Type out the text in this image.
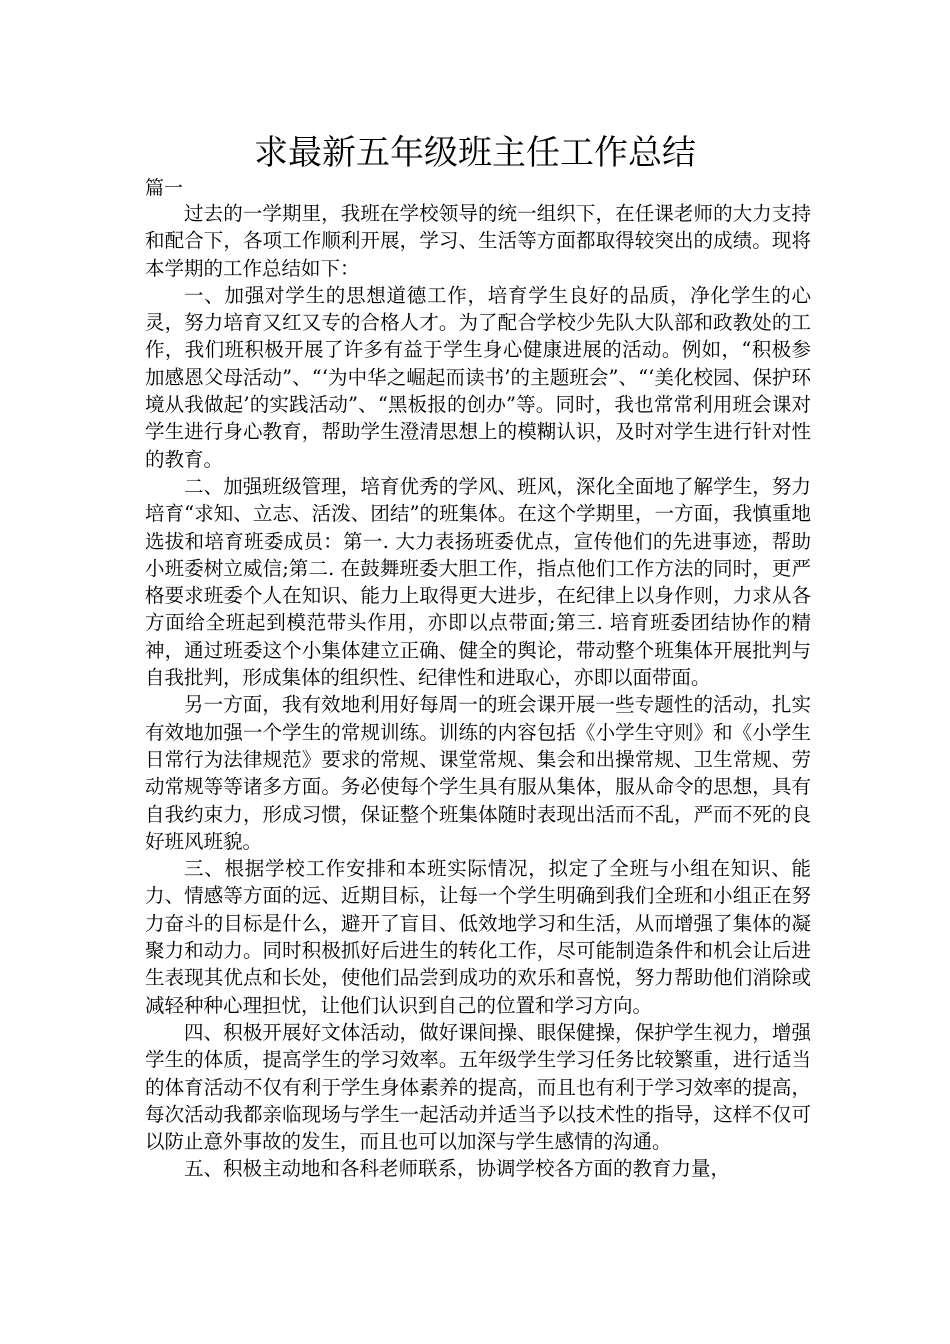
求最新五年级班主任工作总结
篇一

过去的一学期里，我班在学校领导的统一组织下，在任课老师的大力支持和配合下，各项工作顺利开展，学习、生活等方面都取得较突出的成绩。现将本学期的工作总结如下：

一、加强对学生的思想道德工作，培育学生良好的品质，净化学生的心灵，努力培育又红又专的合格人才。为了配合学校少先队大队部和政教处的工作，我们班积极开展了许多有益于学生身心健康进展的活动。例如，“积极参加感恩父母活动”、“‘为中华之崛起而读书’的主题班会”、“‘美化校园、保护环境从我做起’的实践活动”、“黑板报的创办”等。同时，我也常常利用班会课对学生进行身心教育，帮助学生澄清思想上的模糊认识，及时对学生进行针对性的教育。

二、加强班级管理，培育优秀的学风、班风，深化全面地了解学生，努力培育“求知、立志、活泼、团结”的班集体。在这个学期里，一方面，我慎重地选拔和培育班委成员：第一. 大力表扬班委优点，宣传他们的先进事迹，帮助小班委树立威信;第二. 在鼓舞班委大胆工作，指点他们工作方法的同时，更严格要求班委个人在知识、能力上取得更大进步，在纪律上以身作则，力求从各方面给全班起到模范带头作用，亦即以点带面;第三. 培育班委团结协作的精神，通过班委这个小集体建立正确、健全的舆论，带动整个班集体开展批判与自我批判，形成集体的组织性、纪律性和进取心，亦即以面带面。

另一方面，我有效地利用好每周一的班会课开展一些专题性的活动，扎实有效地加强一个学生的常规训练。训练的内容包括《小学生守则》和《小学生日常行为法律规范》要求的常规、课堂常规、集会和出操常规、卫生常规、劳动常规等等诸多方面。务必使每个学生具有服从集体，服从命令的思想，具有自我约束力，形成习惯，保证整个班集体随时表现出活而不乱，严而不死的良好班风班貌。

三、根据学校工作安排和本班实际情况，拟定了全班与小组在知识、能力、情感等方面的远、近期目标，让每一个学生明确到我们全班和小组正在努力奋斗的目标是什么，避开了盲目、低效地学习和生活，从而增强了集体的凝聚力和动力。同时积极抓好后进生的转化工作，尽可能制造条件和机会让后进生表现其优点和长处，使他们品尝到成功的欢乐和喜悦，努力帮助他们消除或减轻种种心理担忧，让他们认识到自己的位置和学习方向。

四、积极开展好文体活动，做好课间操、眼保健操，保护学生视力，增强学生的体质，提高学生的学习效率。五年级学生学习任务比较繁重，进行适当的体育活动不仅有利于学生身体素养的提高，而且也有利于学习效率的提高，每次活动我都亲临现场与学生一起活动并适当予以技术性的指导，这样不仅可以防止意外事故的发生，而且也可以加深与学生感情的沟通。

五、积极主动地和各科老师联系，协调学校各方面的教育力量，
